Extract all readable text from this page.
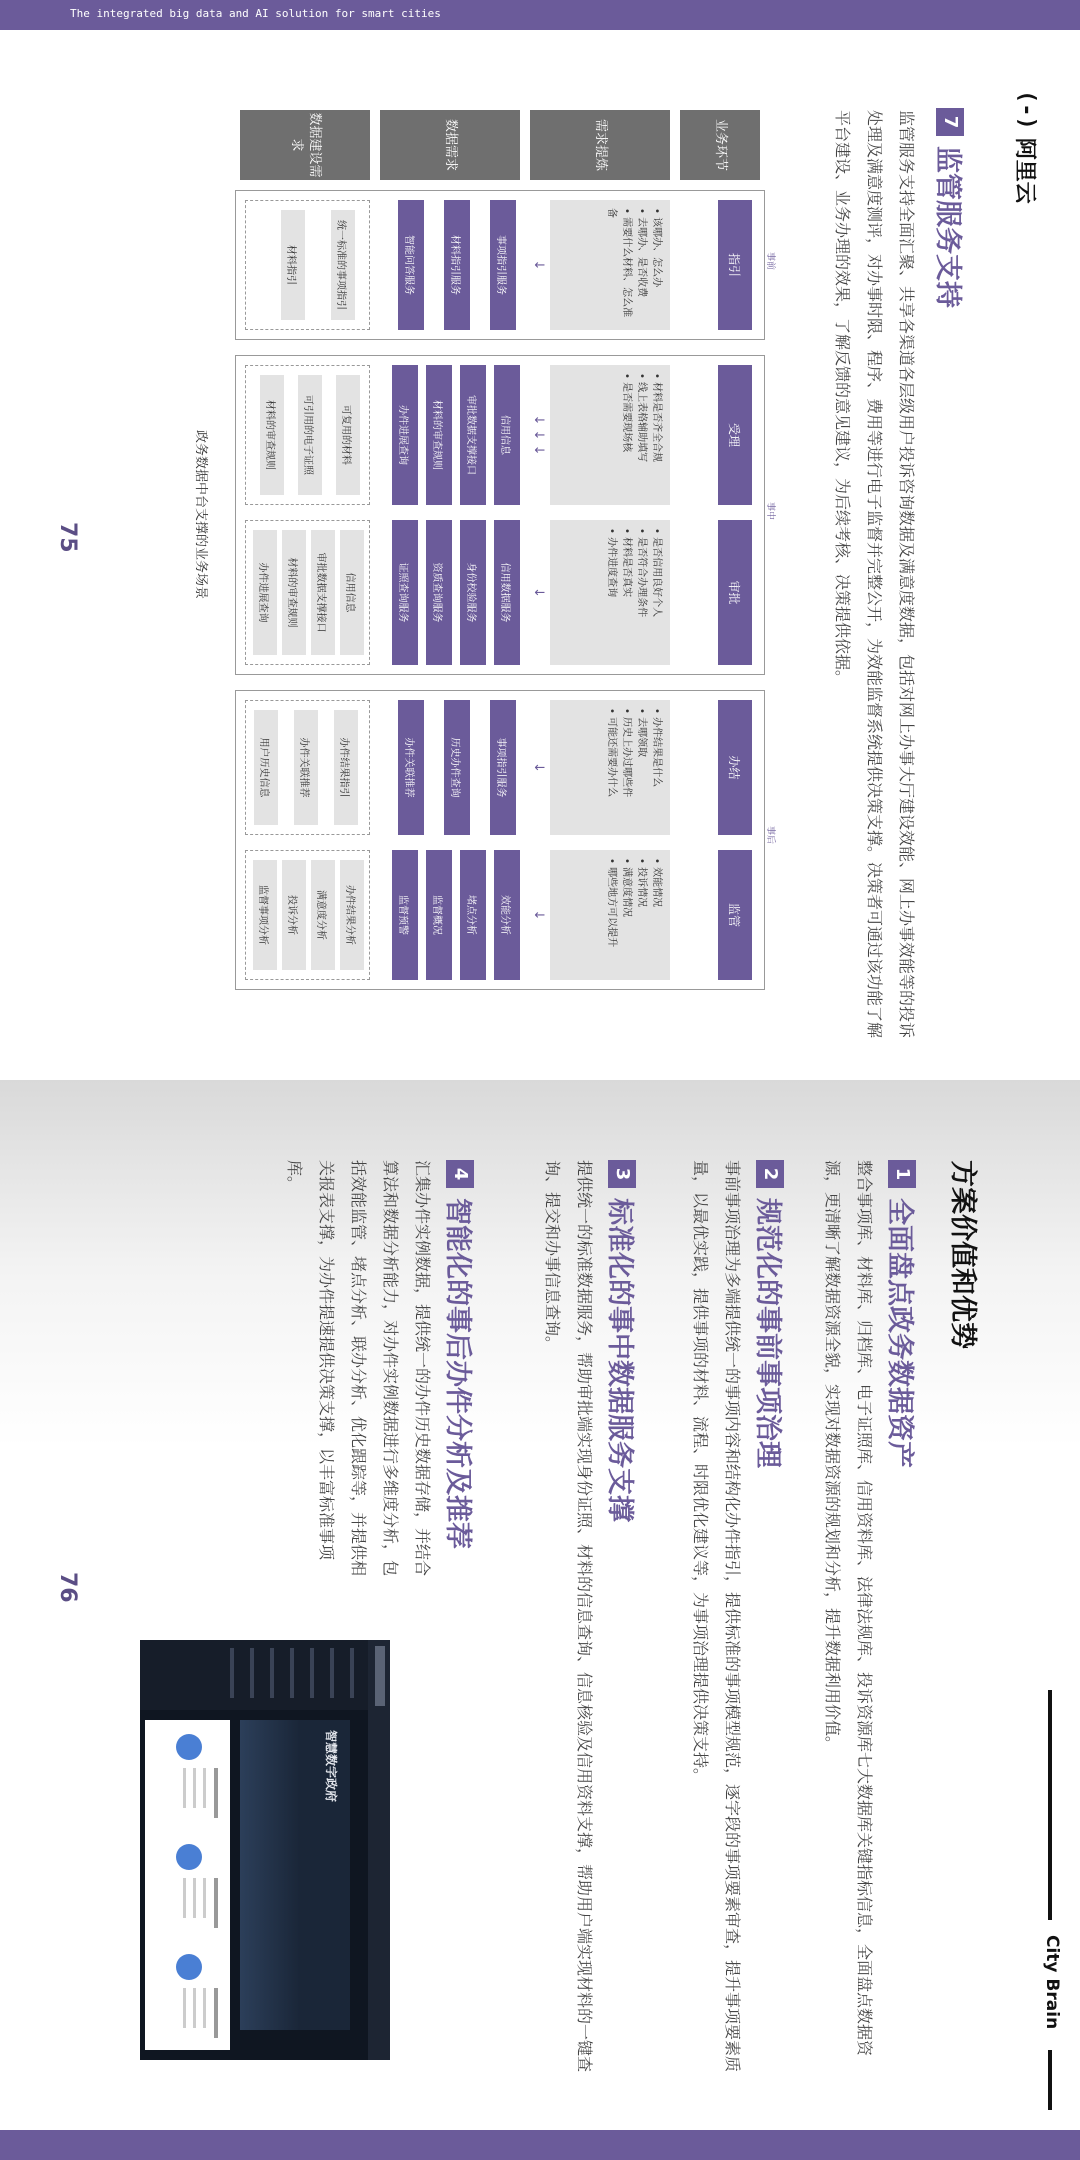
The integrated big data and AI solution for smart cities
(-)
阿里云
7监管服务支持

监管服务支持全面汇聚、共享各渠道各层级用户投诉咨询数据及满意度数据，包括对网上办事大厅建设效能、网上办事效能等的投诉处理及满意度测评，对办事时限、程序、费用等进行电子监督并完整公开，为效能监督系统提供决策支撑。决策者可通过该功能了解平台建设、业务办理的效果，了解反馈的意见建议，为后续考核、决策提供依据。

业务环节
需求提炼
数据需求
数据建设需求
事前
事中
事后
指引
• 该哪办、怎么办
• 去哪办、是否收费
• 需要什么材料、怎么准备
↓
事项指引服务
材料指引服务
智能问答服务
统一标准的事项指引
材料指引
受理
• 材料是否齐全合规
• 线上表格辅助填写
• 是否需要现场核
↓ ↓ ↓
信用信息
审批数据支撑接口
材料的审查规则
办件进展查询
可复用的材料
可引用的电子证照
材料的审查规则
审批
• 是否信用良好个人
• 是否符合办理条件
• 材料是否真实
• 办件进度查询
↓
信用数据服务
身份校验服务
资质查询服务
证照查询服务
信用信息
审批数据支撑接口
材料的审查规则
办件进展查询
办结
• 办件结果是什么
• 去哪领取
• 历史上办过哪些件
• 可能还需要办什么
↓
事项指引服务
历史办件查询
办件关联推荐
办件结果指引
办件关联推荐
用户历史信息
监管
• 效能情况
• 投诉情况
• 满意度情况
• 哪些地方可以提升
↓
效能分析
堵点分析
监督概况
监督预警
办件结果分析
满意度分析
投诉分析
监督事项分析
政务数据中台支撑的业务场景
75
方案价值和优势
City Brain
1全面盘点政务数据资产

整合事项库、材料库、归档库、电子证照库、信用资料库、法律法规库、投诉资源库七大数据库关键指标信息，全面盘点数据资源，更清晰了解数据资源全貌，实现对数据资源的规划和分析，提升数据利用价值。

2规范化的事前事项治理

事前事项治理为多端提供统一的事项内容和结构化办件指引，提供标准的事项模型规范，逐字段的事项要素审查，提升事项要素质量，以最优实践，提供事项的材料、流程、时限优化建议等，为事项治理提供决策支持。

3标准化的事中数据服务支撑

提供统一的标准数据服务，帮助审批端实现身份证照、材料的信息查询、信息核验及信用资料支撑，帮助用户端实现材料的一键查询、提交和办事信息查询。

4智能化的事后办件分析及推荐

汇集办件实例数据，提供统一的办件历史数据存储，并结合算法和数据分析能力，对办件实例数据进行多维度分析，包括效能监管、堵点分析、联办分析、优化跟踪等，并提供相关报表支撑，为办件提速提供决策支撑，以丰富标准事项库。

智慧数字政府
76
